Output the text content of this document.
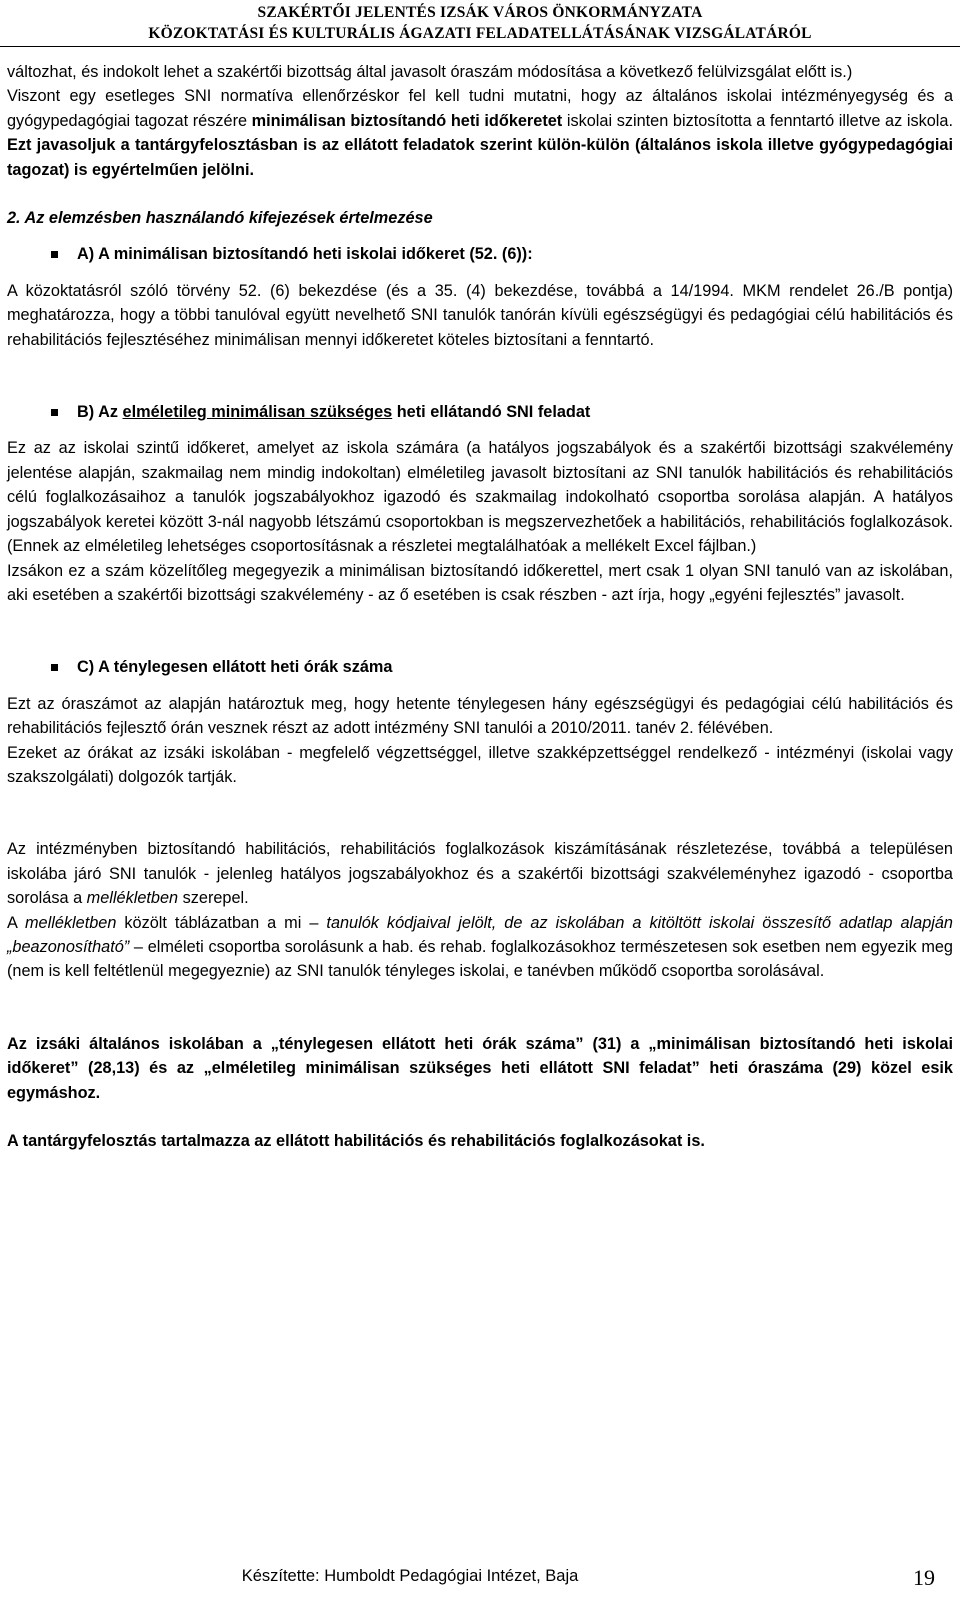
SZAKÉRTŐI JELENTÉS IZSÁK VÁROS ÖNKORMÁNYZATA
KÖZOKTATÁSI ÉS KULTURÁLIS ÁGAZATI FELADATELLÁTÁSÁNAK VIZSGÁLATÁRÓL

változhat, és indokolt lehet a szakértői bizottság által javasolt óraszám módosítása a következő felülvizsgálat előtt is.)
Viszont egy esetleges SNI normatíva ellenőrzéskor fel kell tudni mutatni, hogy az általános iskolai intézményegység és a gyógypedagógiai tagozat részére minimálisan biztosítandó heti időkeretet iskolai szinten biztosította a fenntartó illetve az iskola. Ezt javasoljuk a tantárgyfelosztásban is az ellátott feladatok szerint külön-külön (általános iskola illetve gyógypedagógiai tagozat) is egyértelműen jelölni.

2. Az elemzésben használandó kifejezések értelmezése
A) A minimálisan biztosítandó heti iskolai időkeret (52. (6)):

A közoktatásról szóló törvény 52. (6) bekezdése (és a 35. (4) bekezdése, továbbá a 14/1994. MKM rendelet 26./B pontja) meghatározza, hogy a többi tanulóval együtt nevelhető SNI tanulók tanórán kívüli egészségügyi és pedagógiai célú habilitációs és rehabilitációs fejlesztéséhez minimálisan mennyi időkeretet köteles biztosítani a fenntartó.

B) Az elméletileg minimálisan szükséges heti ellátandó SNI feladat

Ez az az iskolai szintű időkeret, amelyet az iskola számára (a hatályos jogszabályok és a szakértői bizottsági szakvélemény jelentése alapján, szakmailag nem mindig indokoltan) elméletileg javasolt biztosítani az SNI tanulók habilitációs és rehabilitációs célú foglalkozásaihoz a tanulók jogszabályokhoz igazodó és szakmailag indokolható csoportba sorolása alapján. A hatályos jogszabályok keretei között 3-nál nagyobb létszámú csoportokban is megszervezhetőek a habilitációs, rehabilitációs foglalkozások. (Ennek az elméletileg lehetséges csoportosításnak a részletei megtalálhatóak a mellékelt Excel fájlban.)

Izsákon ez a szám közelítőleg megegyezik a minimálisan biztosítandó időkerettel, mert csak 1 olyan SNI tanuló van az iskolában, aki esetében a szakértői bizottsági szakvélemény - az ő esetében is csak részben - azt írja, hogy „egyéni fejlesztés” javasolt.

C) A ténylegesen ellátott heti órák száma

Ezt az óraszámot az alapján határoztuk meg, hogy hetente ténylegesen hány egészségügyi és pedagógiai célú habilitációs és rehabilitációs fejlesztő órán vesznek részt az adott intézmény SNI tanulói a 2010/2011. tanév 2. félévében.

Ezeket az órákat az izsáki iskolában - megfelelő végzettséggel, illetve szakképzettséggel rendelkező - intézményi (iskolai vagy szakszolgálati) dolgozók tartják.

Az intézményben biztosítandó habilitációs, rehabilitációs foglalkozások kiszámításának részletezése, továbbá a településen iskolába járó SNI tanulók - jelenleg hatályos jogszabályokhoz és a szakértői bizottsági szakvéleményhez igazodó - csoportba sorolása a mellékletben szerepel.

A mellékletben közölt táblázatban a mi – tanulók kódjaival jelölt, de az iskolában a kitöltött iskolai összesítő adatlap alapján „beazonosítható” – elméleti csoportba sorolásunk a hab. és rehab. foglalkozásokhoz természetesen sok esetben nem egyezik meg (nem is kell feltétlenül megegyeznie) az SNI tanulók tényleges iskolai, e tanévben működő csoportba sorolásával.

Az izsáki általános iskolában a „ténylegesen ellátott heti órák száma” (31) a „minimálisan biztosítandó heti iskolai időkeret” (28,13) és az „elméletileg minimálisan szükséges heti ellátott SNI feladat” heti óraszáma (29) közel esik egymáshoz.

A tantárgyfelosztás tartalmazza az ellátott habilitációs és rehabilitációs foglalkozásokat is.

Készítette: Humboldt Pedagógiai Intézet, Baja	19
